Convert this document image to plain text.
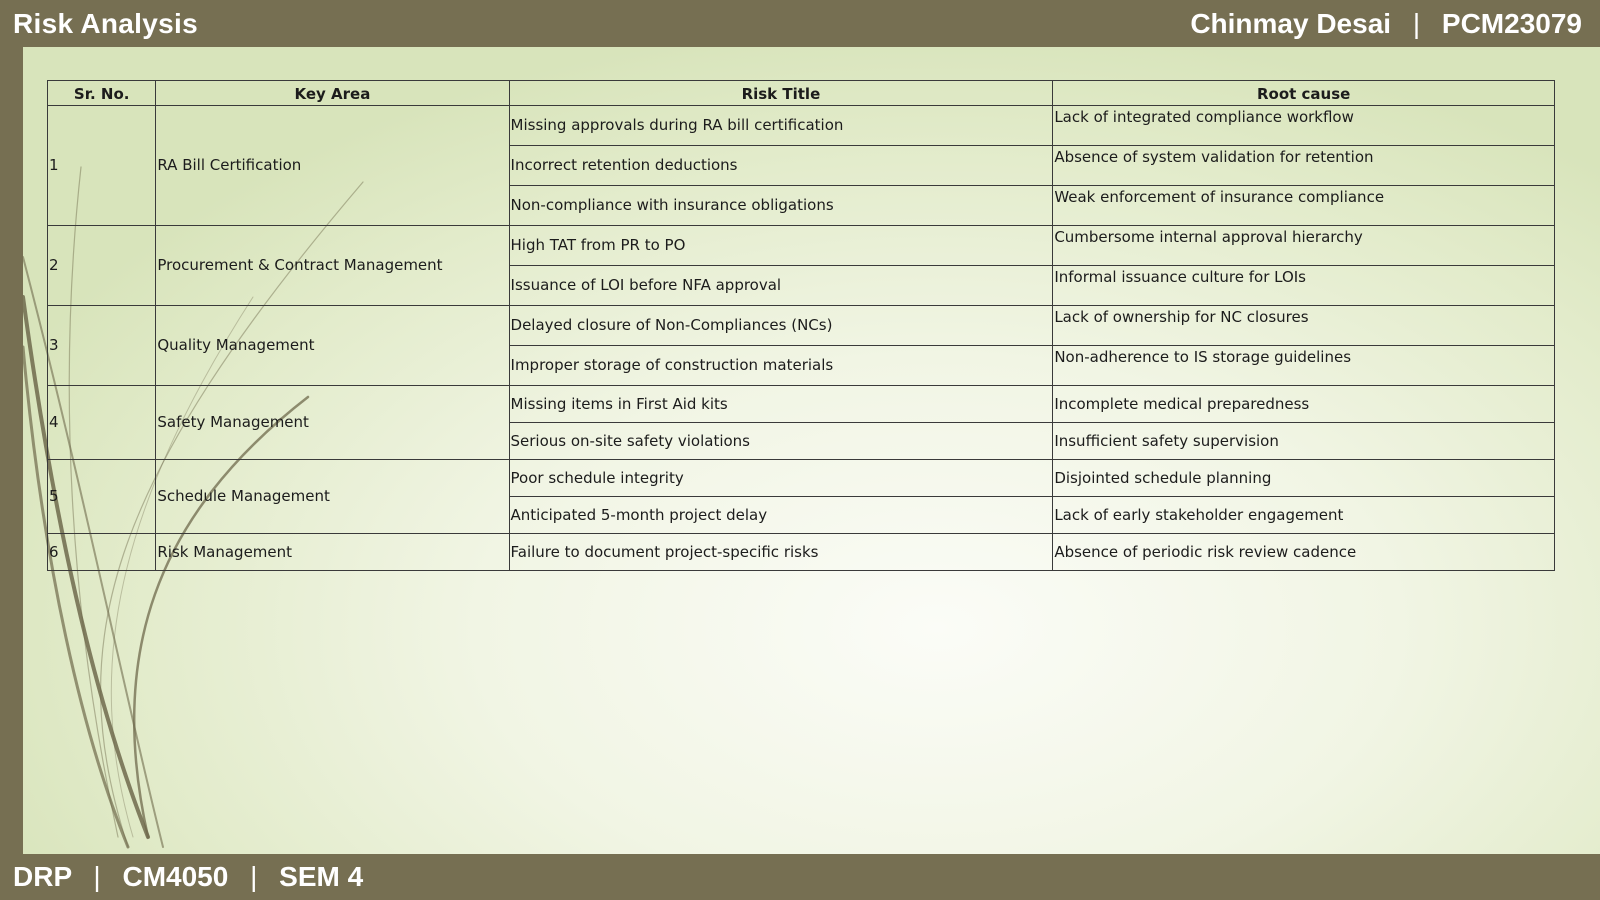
Risk Analysis	Chinmay Desai | PCM23079
Sr. No.	Key Area	Risk Title	Root cause
1	RA Bill Certification	Missing approvals during RA bill certification	Lack of integrated compliance workflow
		Incorrect retention deductions	Absence of system validation for retention
		Non-compliance with insurance obligations	Weak enforcement of insurance compliance
2	Procurement & Contract Management	High TAT from PR to PO	Cumbersome internal approval hierarchy
		Issuance of LOI before NFA approval	Informal issuance culture for LOIs
3	Quality Management	Delayed closure of Non-Compliances (NCs)	Lack of ownership for NC closures
		Improper storage of construction materials	Non-adherence to IS storage guidelines
4	Safety Management	Missing items in First Aid kits	Incomplete medical preparedness
		Serious on-site safety violations	Insufficient safety supervision
5	Schedule Management	Poor schedule integrity	Disjointed schedule planning
		Anticipated 5-month project delay	Lack of early stakeholder engagement
6	Risk Management	Failure to document project-specific risks	Absence of periodic risk review cadence
DRP | CM4050 | SEM 4
